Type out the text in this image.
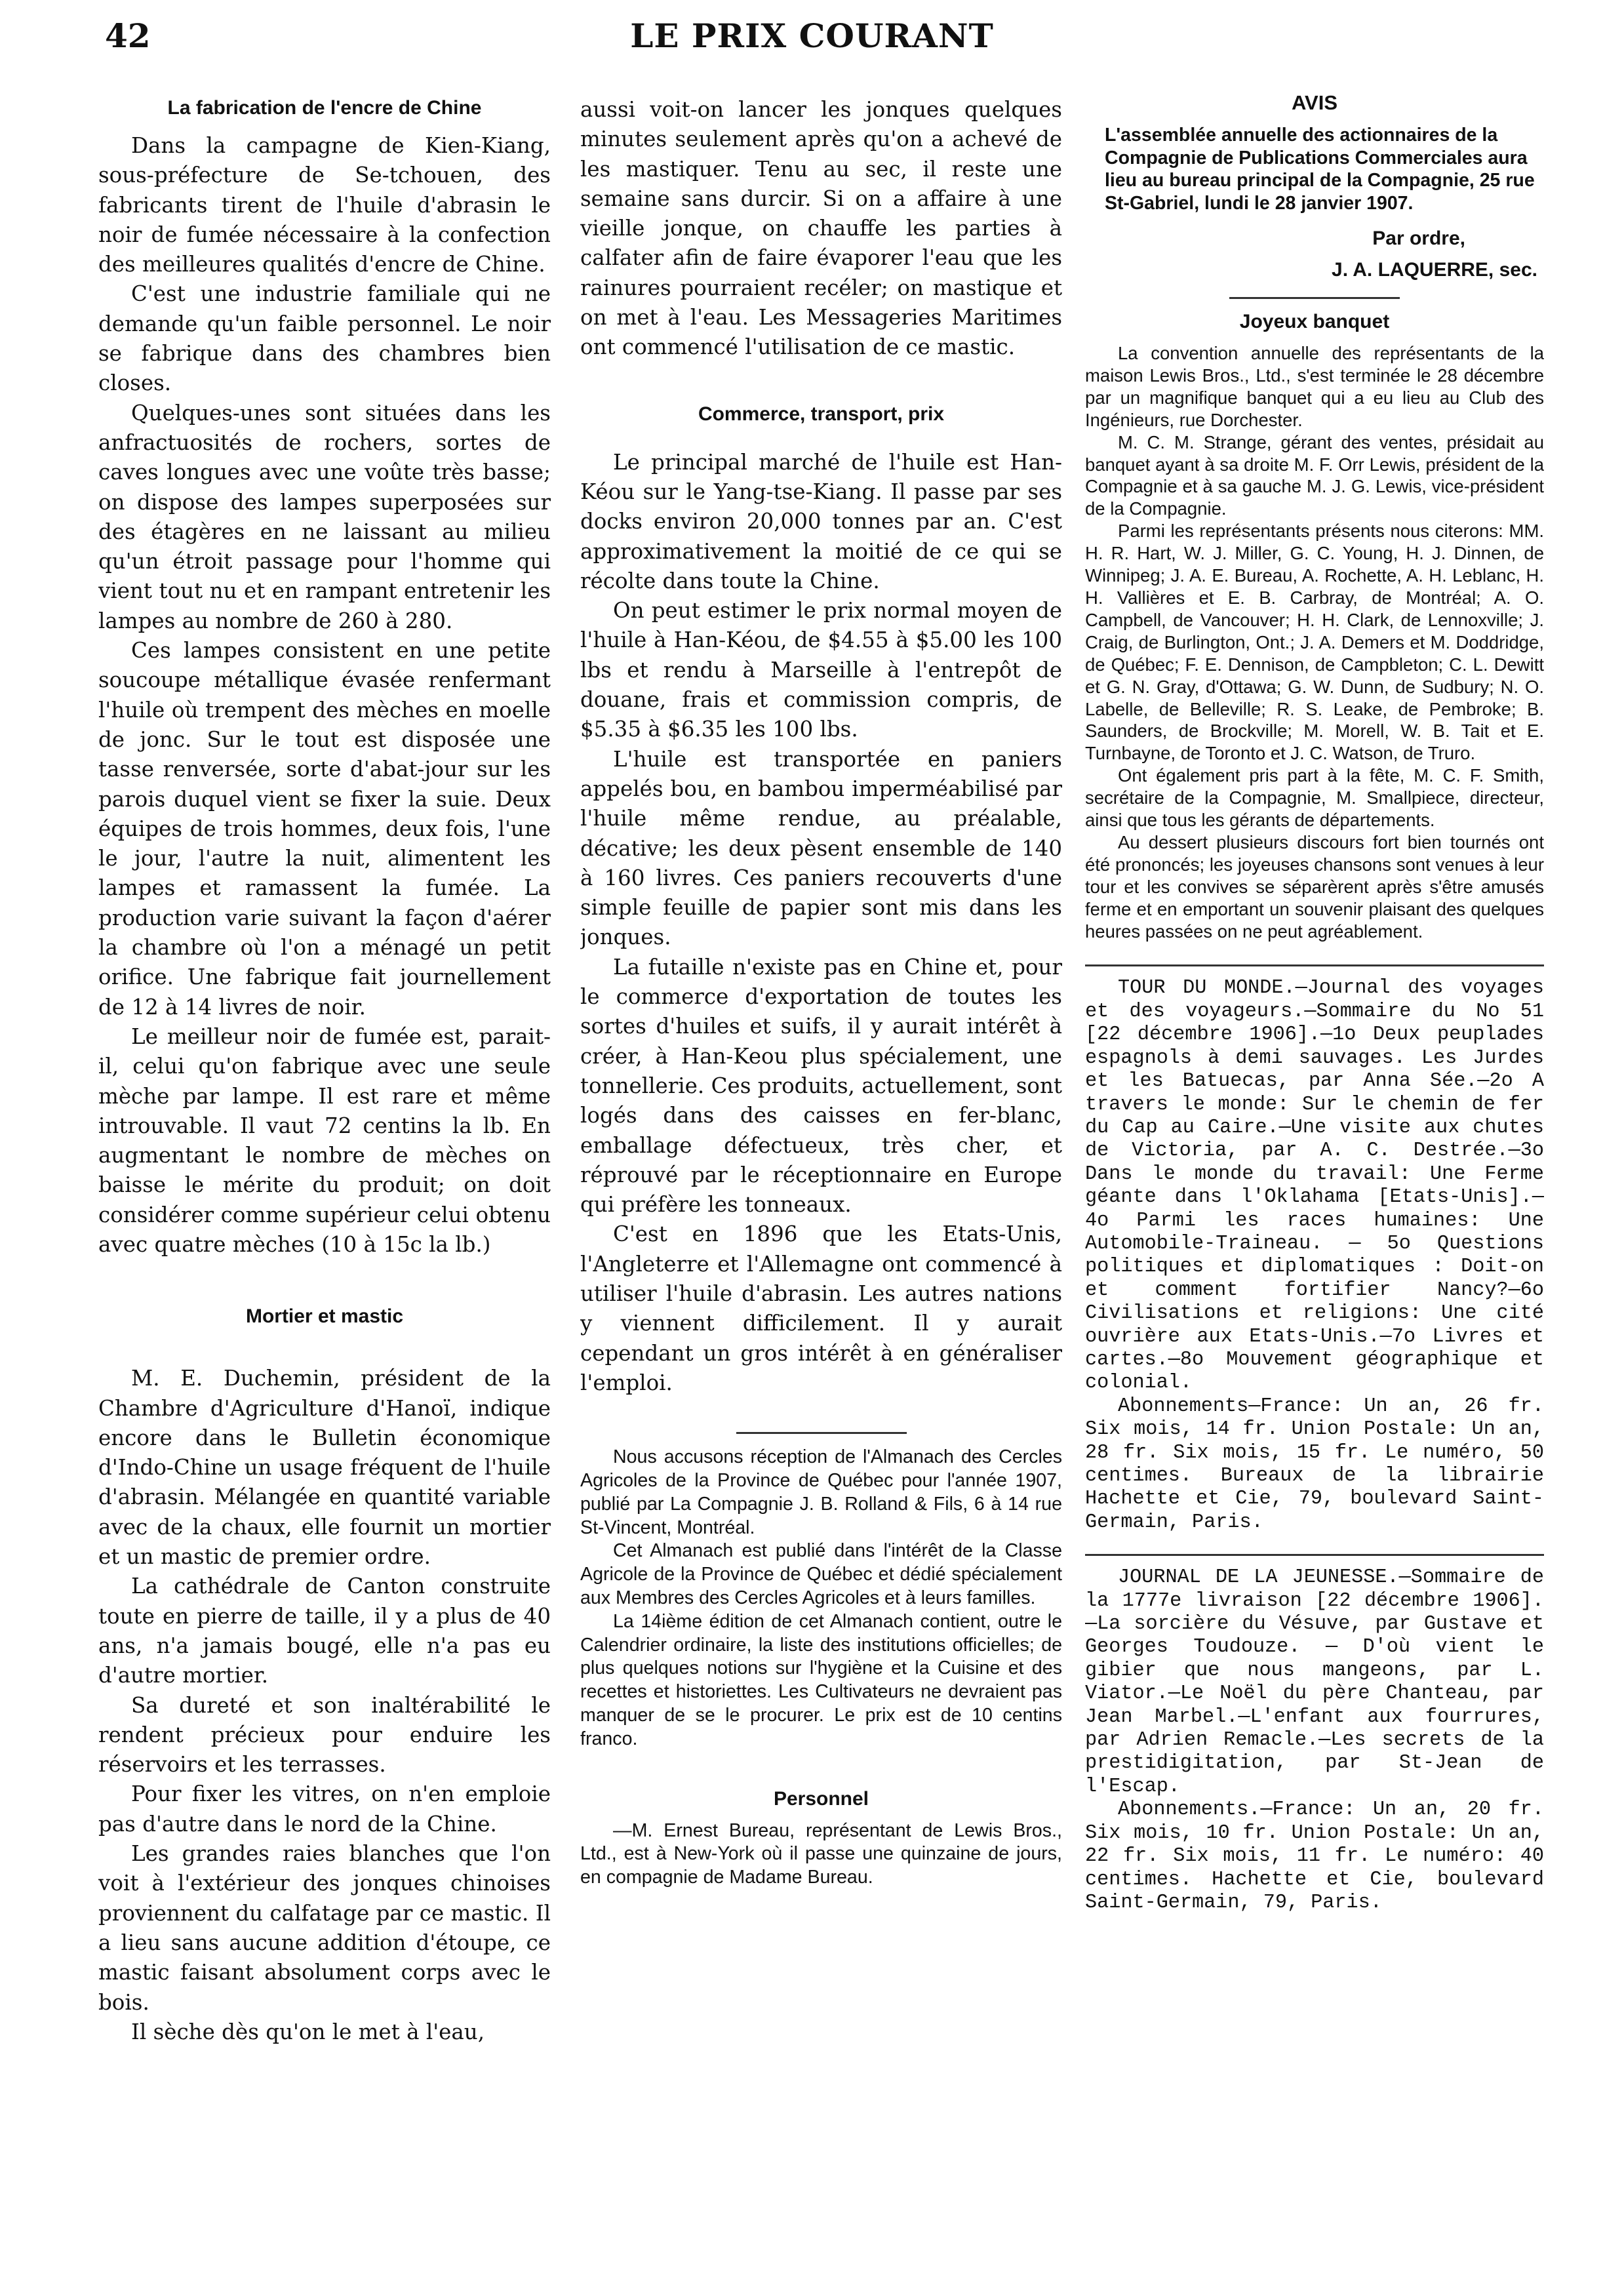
42	LE PRIX COURANT
La fabrication de l'encre de Chine

Dans la campagne de Kien-Kiang, sous-préfecture de Se-tchouen, des fabricants tirent de l'huile d'abrasin le noir de fumée nécessaire à la confection des meilleures qualités d'encre de Chine.

C'est une industrie familiale qui ne demande qu'un faible personnel. Le noir se fabrique dans des chambres bien closes.

Quelques-unes sont situées dans les anfractuosités de rochers, sortes de caves longues avec une voûte très basse; on dispose des lampes superposées sur des étagères en ne laissant au milieu qu'un étroit passage pour l'homme qui vient tout nu et en rampant entretenir les lampes au nombre de 260 à 280.

Ces lampes consistent en une petite soucoupe métallique évasée renfermant l'huile où trempent des mèches en moelle de jonc. Sur le tout est disposée une tasse renversée, sorte d'abat-jour sur les parois duquel vient se fixer la suie. Deux équipes de trois hommes, deux fois, l'une le jour, l'autre la nuit, alimentent les lampes et ramassent la fumée. La production varie suivant la façon d'aérer la chambre où l'on a ménagé un petit orifice. Une fabrique fait journellement de 12 à 14 livres de noir.

Le meilleur noir de fumée est, parait-il, celui qu'on fabrique avec une seule mèche par lampe. Il est rare et même introuvable. Il vaut 72 centins la lb. En augmentant le nombre de mèches on baisse le mérite du produit; on doit considérer comme supérieur celui obtenu avec quatre mèches (10 à 15c la lb.)

Mortier et mastic

M. E. Duchemin, président de la Chambre d'Agriculture d'Hanoï, indique encore dans le Bulletin économique d'Indo-Chine un usage fréquent de l'huile d'abrasin. Mélangée en quantité variable avec de la chaux, elle fournit un mortier et un mastic de premier ordre.

La cathédrale de Canton construite toute en pierre de taille, il y a plus de 40 ans, n'a jamais bougé, elle n'a pas eu d'autre mortier.

Sa dureté et son inaltérabilité le rendent précieux pour enduire les réservoirs et les terrasses.

Pour fixer les vitres, on n'en emploie pas d'autre dans le nord de la Chine.

Les grandes raies blanches que l'on voit à l'extérieur des jonques chinoises proviennent du calfatage par ce mastic. Il a lieu sans aucune addition d'étoupe, ce mastic faisant absolument corps avec le bois.

Il sèche dès qu'on le met à l'eau,

aussi voit-on lancer les jonques quelques minutes seulement après qu'on a achevé de les mastiquer. Tenu au sec, il reste une semaine sans durcir. Si on a affaire à une vieille jonque, on chauffe les parties à calfater afin de faire évaporer l'eau que les rainures pourraient recéler; on mastique et on met à l'eau. Les Messageries Maritimes ont commencé l'utilisation de ce mastic.

Commerce, transport, prix

Le principal marché de l'huile est Han-Kéou sur le Yang-tse-Kiang. Il passe par ses docks environ 20,000 tonnes par an. C'est approximativement la moitié de ce qui se récolte dans toute la Chine.

On peut estimer le prix normal moyen de l'huile à Han-Kéou, de $4.55 à $5.00 les 100 lbs et rendu à Marseille à l'entrepôt de douane, frais et commission compris, de $5.35 à $6.35 les 100 lbs.

L'huile est transportée en paniers appelés bou, en bambou imperméabilisé par l'huile même rendue, au préalable, décative; les deux pèsent ensemble de 140 à 160 livres. Ces paniers recouverts d'une simple feuille de papier sont mis dans les jonques.

La futaille n'existe pas en Chine et, pour le commerce d'exportation de toutes les sortes d'huiles et suifs, il y aurait intérêt à créer, à Han-Keou plus spécialement, une tonnellerie. Ces produits, actuellement, sont logés dans des caisses en fer-blanc, emballage défectueux, très cher, et réprouvé par le réceptionnaire en Europe qui préfère les tonneaux.

C'est en 1896 que les Etats-Unis, l'Angleterre et l'Allemagne ont commencé à utiliser l'huile d'abrasin. Les autres nations y viennent difficilement. Il y aurait cependant un gros intérêt à en généraliser l'emploi.

Nous accusons réception de l'Almanach des Cercles Agricoles de la Province de Québec pour l'année 1907, publié par La Compagnie J. B. Rolland & Fils, 6 à 14 rue St-Vincent, Montréal.

Cet Almanach est publié dans l'intérêt de la Classe Agricole de la Province de Québec et dédié spécialement aux Membres des Cercles Agricoles et à leurs familles.

La 14ième édition de cet Almanach contient, outre le Calendrier ordinaire, la liste des institutions officielles; de plus quelques notions sur l'hygiène et la Cuisine et des recettes et historiettes. Les Cultivateurs ne devraient pas manquer de se le procurer. Le prix est de 10 centins franco.

Personnel

—M. Ernest Bureau, représentant de Lewis Bros., Ltd., est à New-York où il passe une quinzaine de jours, en compagnie de Madame Bureau.

AVIS
L'assemblée annuelle des actionnaires de la Compagnie de Publications Commerciales aura lieu au bureau principal de la Compagnie, 25 rue St-Gabriel, lundi le 28 janvier 1907.
Par ordre,
J. A. LAQUERRE, sec.
Joyeux banquet

La convention annuelle des représentants de la maison Lewis Bros., Ltd., s'est terminée le 28 décembre par un magnifique banquet qui a eu lieu au Club des Ingénieurs, rue Dorchester.

M. C. M. Strange, gérant des ventes, présidait au banquet ayant à sa droite M. F. Orr Lewis, président de la Compagnie et à sa gauche M. J. G. Lewis, vice-président de la Compagnie.

Parmi les représentants présents nous citerons: MM. H. R. Hart, W. J. Miller, G. C. Young, H. J. Dinnen, de Winnipeg; J. A. E. Bureau, A. Rochette, A. H. Leblanc, H. H. Vallières et E. B. Carbray, de Montréal; A. O. Campbell, de Vancouver; H. H. Clark, de Lennoxville; J. Craig, de Burlington, Ont.; J. A. Demers et M. Doddridge, de Québec; F. E. Dennison, de Campbleton; C. L. Dewitt et G. N. Gray, d'Ottawa; G. W. Dunn, de Sudbury; N. O. Labelle, de Belleville; R. S. Leake, de Pembroke; B. Saunders, de Brockville; M. Morell, W. B. Tait et E. Turnbayne, de Toronto et J. C. Watson, de Truro.

Ont également pris part à la fête, M. C. F. Smith, secrétaire de la Compagnie, M. Smallpiece, directeur, ainsi que tous les gérants de départements.

Au dessert plusieurs discours fort bien tournés ont été prononcés; les joyeuses chansons sont venues à leur tour et les convives se séparèrent après s'être amusés ferme et en emportant un souvenir plaisant des quelques heures passées on ne peut agréablement.

TOUR DU MONDE.—Journal des voyages et des voyageurs.—Sommaire du No 51 [22 décembre 1906].—1o Deux peuplades espagnols à demi sauvages. Les Jurdes et les Batuecas, par Anna Sée.—2o A travers le monde: Sur le chemin de fer du Cap au Caire.—Une visite aux chutes de Victoria, par A. C. Destrée.—3o Dans le monde du travail: Une Ferme géante dans l'Oklahama [Etats-Unis].—4o Parmi les races humaines: Une Automobile-Traineau. — 5o Questions politiques et diplomatiques : Doit-on et comment fortifier Nancy?—6o Civilisations et religions: Une cité ouvrière aux Etats-Unis.—7o Livres et cartes.—8o Mouvement géographique et colonial.

Abonnements—France: Un an, 26 fr. Six mois, 14 fr. Union Postale: Un an, 28 fr. Six mois, 15 fr. Le numéro, 50 centimes. Bureaux de la librairie Hachette et Cie, 79, boulevard Saint-Germain, Paris.

JOURNAL DE LA JEUNESSE.—Sommaire de la 1777e livraison [22 décembre 1906].—La sorcière du Vésuve, par Gustave et Georges Toudouze. — D'où vient le gibier que nous mangeons, par L. Viator.—Le Noël du père Chanteau, par Jean Marbel.—L'enfant aux fourrures, par Adrien Remacle.—Les secrets de la prestidigitation, par St-Jean de l'Escap.

Abonnements.—France: Un an, 20 fr. Six mois, 10 fr. Union Postale: Un an, 22 fr. Six mois, 11 fr. Le numéro: 40 centimes. Hachette et Cie, boulevard Saint-Germain, 79, Paris.
